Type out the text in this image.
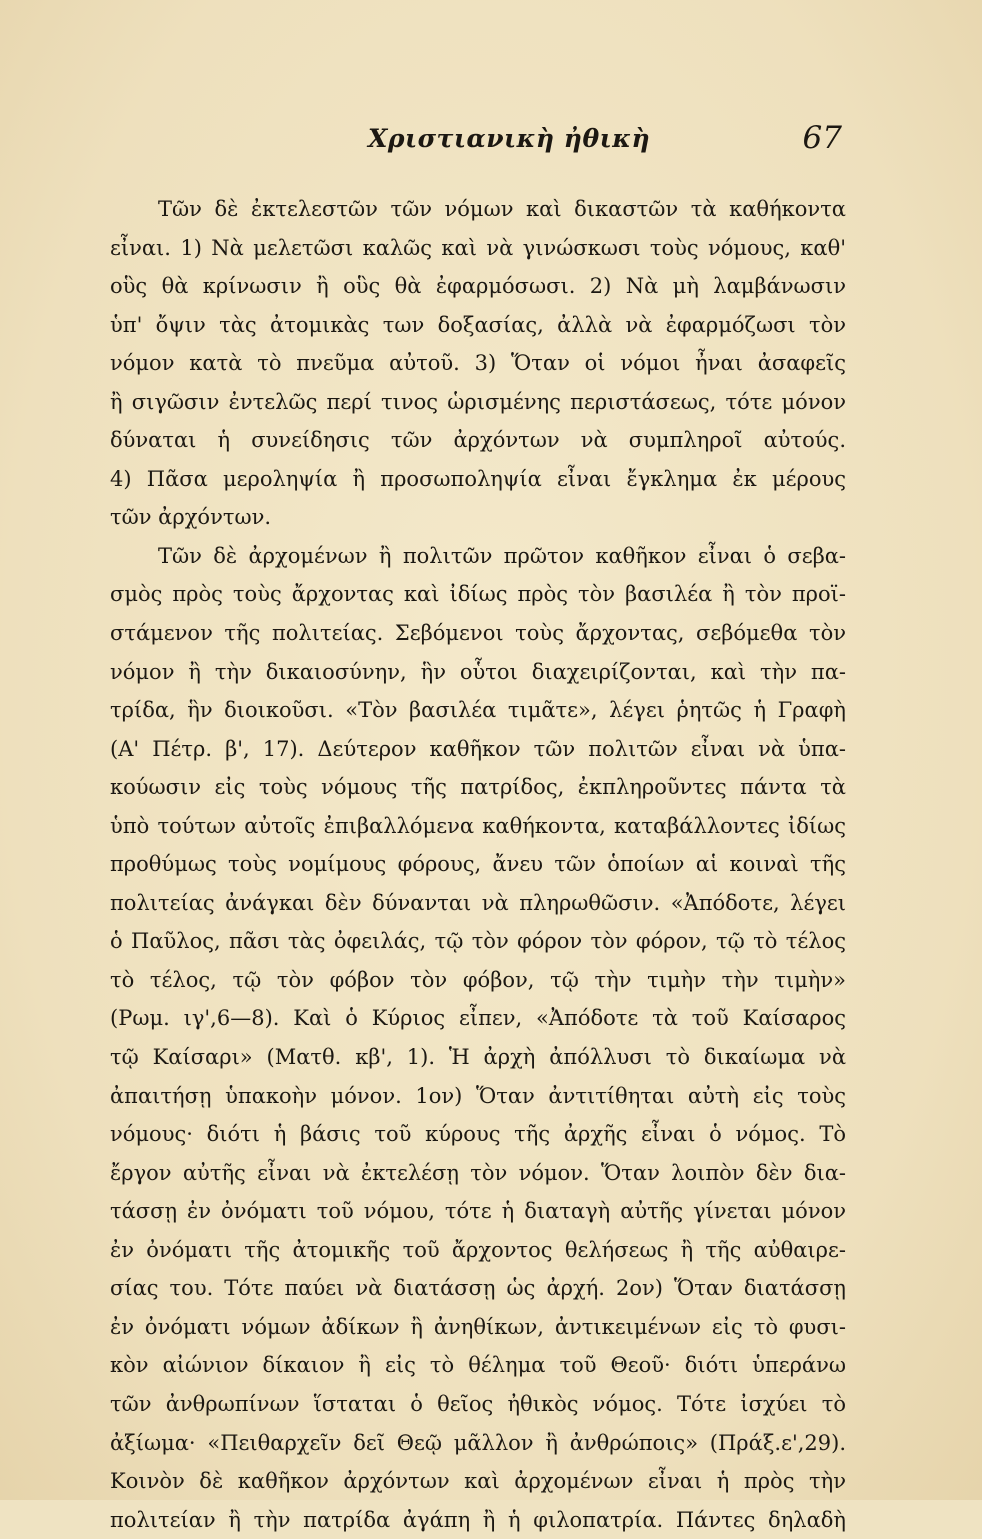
Χριστιανικὴ ἠθικὴ	67
Τῶν δὲ ἐκτελεστῶν τῶν νόμων καὶ δικαστῶν τὰ καθήκοντα
εἶναι. 1) Νὰ μελετῶσι καλῶς καὶ νὰ γινώσκωσι τοὺς νόμους, καθ'
οὓς θὰ κρίνωσιν ἢ οὓς θὰ ἐφαρμόσωσι. 2) Νὰ μὴ λαμβάνωσιν
ὑπ' ὄψιν τὰς ἀτομικὰς των δοξασίας, ἀλλὰ νὰ ἐφαρμόζωσι τὸν
νόμον κατὰ τὸ πνεῦμα αὐτοῦ. 3) Ὅταν οἱ νόμοι ἦναι ἀσαφεῖς
ἢ σιγῶσιν ἐντελῶς περί τινος ὡρισμένης περιστάσεως, τότε μόνον
δύναται ἡ συνείδησις τῶν ἀρχόντων νὰ συμπληροῖ αὐτούς.
4) Πᾶσα μεροληψία ἢ προσωποληψία εἶναι ἔγκλημα ἐκ μέρους
τῶν ἀρχόντων.
Τῶν δὲ ἀρχομένων ἢ πολιτῶν πρῶτον καθῆκον εἶναι ὁ σεβα-
σμὸς πρὸς τοὺς ἄρχοντας καὶ ἰδίως πρὸς τὸν βασιλέα ἢ τὸν προϊ-
στάμενον τῆς πολιτείας. Σεβόμενοι τοὺς ἄρχοντας, σεβόμεθα τὸν
νόμον ἢ τὴν δικαιοσύνην, ἣν οὗτοι διαχειρίζονται, καὶ τὴν πα-
τρίδα, ἣν διοικοῦσι. «Τὸν βασιλέα τιμᾶτε», λέγει ῥητῶς ἡ Γραφὴ
(Α' Πέτρ. β', 17). Δεύτερον καθῆκον τῶν πολιτῶν εἶναι νὰ ὑπα-
κούωσιν εἰς τοὺς νόμους τῆς πατρίδος, ἐκπληροῦντες πάντα τὰ
ὑπὸ τούτων αὐτοῖς ἐπιβαλλόμενα καθήκοντα, καταβάλλοντες ἰδίως
προθύμως τοὺς νομίμους φόρους, ἄνευ τῶν ὁποίων αἱ κοιναὶ τῆς
πολιτείας ἀνάγκαι δὲν δύνανται νὰ πληρωθῶσιν. «Ἀπόδοτε, λέγει
ὁ Παῦλος, πᾶσι τὰς ὀφειλάς, τῷ τὸν φόρον τὸν φόρον, τῷ τὸ τέλος
τὸ τέλος, τῷ τὸν φόβον τὸν φόβον, τῷ τὴν τιμὴν τὴν τιμὴν»
(Ρωμ. ιγ',6—8). Καὶ ὁ Κύριος εἶπεν, «Ἀπόδοτε τὰ τοῦ Καίσαρος
τῷ Καίσαρι» (Ματθ. κβ', 1). Ἡ ἀρχὴ ἀπόλλυσι τὸ δικαίωμα νὰ
ἀπαιτήσῃ ὑπακοὴν μόνον. 1ον) Ὅταν ἀντιτίθηται αὐτὴ εἰς τοὺς
νόμους· διότι ἡ βάσις τοῦ κύρους τῆς ἀρχῆς εἶναι ὁ νόμος. Τὸ
ἔργον αὐτῆς εἶναι νὰ ἐκτελέσῃ τὸν νόμον. Ὅταν λοιπὸν δὲν δια-
τάσσῃ ἐν ὀνόματι τοῦ νόμου, τότε ἡ διαταγὴ αὐτῆς γίνεται μόνον
ἐν ὀνόματι τῆς ἀτομικῆς τοῦ ἄρχοντος θελήσεως ἢ τῆς αὐθαιρε-
σίας του. Τότε παύει νὰ διατάσσῃ ὡς ἀρχή. 2ον) Ὅταν διατάσσῃ
ἐν ὀνόματι νόμων ἀδίκων ἢ ἀνηθίκων, ἀντικειμένων εἰς τὸ φυσι-
κὸν αἰώνιον δίκαιον ἢ εἰς τὸ θέλημα τοῦ Θεοῦ· διότι ὑπεράνω
τῶν ἀνθρωπίνων ἵσταται ὁ θεῖος ἠθικὸς νόμος. Τότε ἰσχύει τὸ
ἀξίωμα· «Πειθαρχεῖν δεῖ Θεῷ μᾶλλον ἢ ἀνθρώποις» (Πράξ.ε',29).
Κοινὸν δὲ καθῆκον ἀρχόντων καὶ ἀρχομένων εἶναι ἡ πρὸς τὴν
πολιτείαν ἢ τὴν πατρίδα ἀγάπη ἢ ἡ φιλοπατρία. Πάντες δηλαδὴ
